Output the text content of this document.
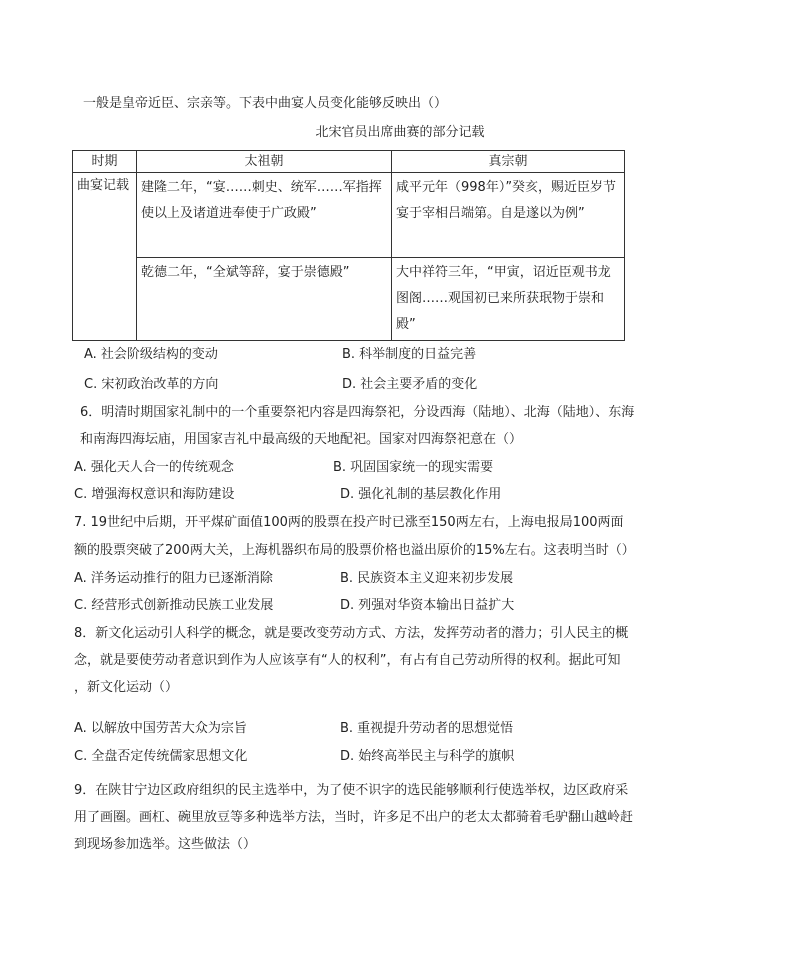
一般是皇帝近臣、宗亲等。下表中曲宴人员变化能够反映出（）
北宋官员出席曲赛的部分记载
时期	太祖朝	真宗朝
曲宴记载	建隆二年，“宴……刺史、统军……军指挥使以上及诸道进奉使于广政殿”	咸平元年（998年）”癸亥，赐近臣岁节宴于宰相吕端第。自是遂以为例”

	乾德二年，“全斌等辞，宴于崇德殿”	大中祥符三年，“甲寅，诏近臣观书龙图阁……观国初已来所获珉物于崇和殿”
A. 社会阶级结构的变动	B. 科举制度的日益完善
C. 宋初政治改革的方向	D. 社会主要矛盾的变化
6．明清时期国家礼制中的一个重要祭祀内容是四海祭祀，分设西海（陆地）、北海（陆地）、东海
和南海四海坛庙，用国家吉礼中最高级的天地配祀。国家对四海祭祀意在（）
A. 强化天人合一的传统观念	B. 巩固国家统一的现实需要
C. 增强海权意识和海防建设	D. 强化礼制的基层教化作用
7. 19世纪中后期，开平煤矿面值100两的股票在投产时已涨至150两左右，上海电报局100两面
额的股票突破了200两大关，上海机器织布局的股票价格也溢出原价的15%左右。这表明当时（）
A. 洋务运动推行的阻力已逐渐消除	B. 民族资本主义迎来初步发展
C. 经营形式创新推动民族工业发展	D. 列强对华资本输出日益扩大
8．新文化运动引人科学的概念，就是要改变劳动方式、方法，发挥劳动者的潜力；引人民主的概
念，就是要使劳动者意识到作为人应该享有“人的权利”，有占有自己劳动所得的权利。据此可知
，新文化运动（）
A. 以解放中国劳苦大众为宗旨	B. 重视提升劳动者的思想觉悟
C. 全盘否定传统儒家思想文化	D. 始终高举民主与科学的旗帜
9．在陕甘宁边区政府组织的民主选举中，为了使不识字的选民能够顺利行使选举权，边区政府采
用了画圈。画杠、碗里放豆等多种选举方法，当时，许多足不出户的老太太都骑着毛驴翻山越岭赶
到现场参加选举。这些做法（）
